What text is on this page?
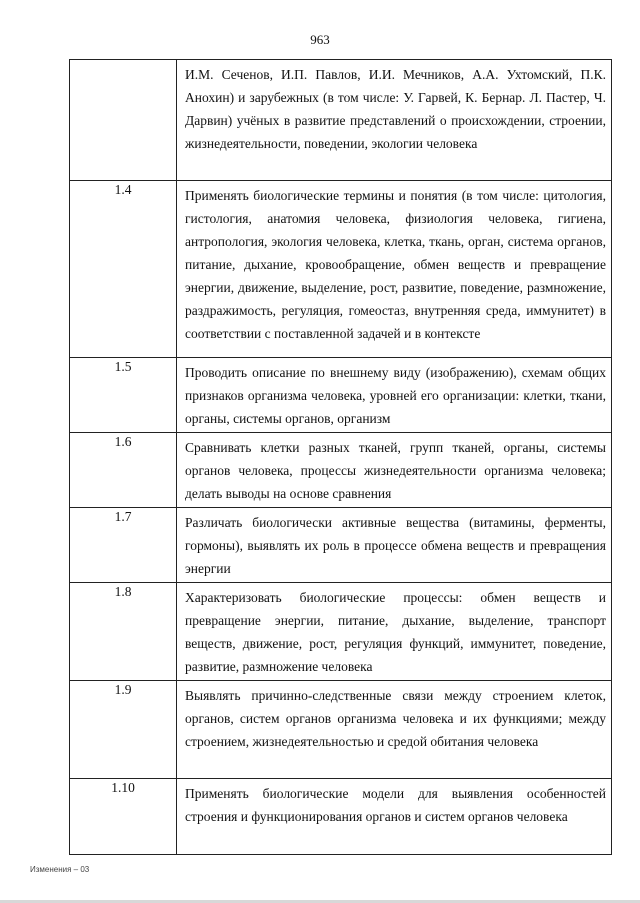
963
	И.М. Сеченов, И.П. Павлов, И.И. Мечников, А.А. Ухтомский, П.К. Анохин) и зарубежных (в том числе: У. Гарвей, К. Бернар. Л. Пастер, Ч. Дарвин) учёных в развитие представлений о происхождении, строении, жизнедеятельности, поведении, экологии человека
1.4	Применять биологические термины и понятия (в том числе: цитология, гистология, анатомия человека, физиология человека, гигиена, антропология, экология человека, клетка, ткань, орган, система органов, питание, дыхание, кровообращение, обмен веществ и превращение энергии, движение, выделение, рост, развитие, поведение, размножение, раздражимость, регуляция, гомеостаз, внутренняя среда, иммунитет) в соответствии с поставленной задачей и в контексте
1.5	Проводить описание по внешнему виду (изображению), схемам общих признаков организма человека, уровней его организации: клетки, ткани, органы, системы органов, организм
1.6	Сравнивать клетки разных тканей, групп тканей, органы, системы органов человека, процессы жизнедеятельности организма человека; делать выводы на основе сравнения
1.7	Различать биологически активные вещества (витамины, ферменты, гормоны), выявлять их роль в процессе обмена веществ и превращения энергии
1.8	Характеризовать биологические процессы: обмен веществ и превращение энергии, питание, дыхание, выделение, транспорт веществ, движение, рост, регуляция функций, иммунитет, поведение, развитие, размножение человека
1.9	Выявлять причинно-следственные связи между строением клеток, органов, систем органов организма человека и их функциями; между строением, жизнедеятельностью и средой обитания человека
1.10	Применять биологические модели для выявления особенностей строения и функционирования органов и систем органов человека
Изменения – 03
